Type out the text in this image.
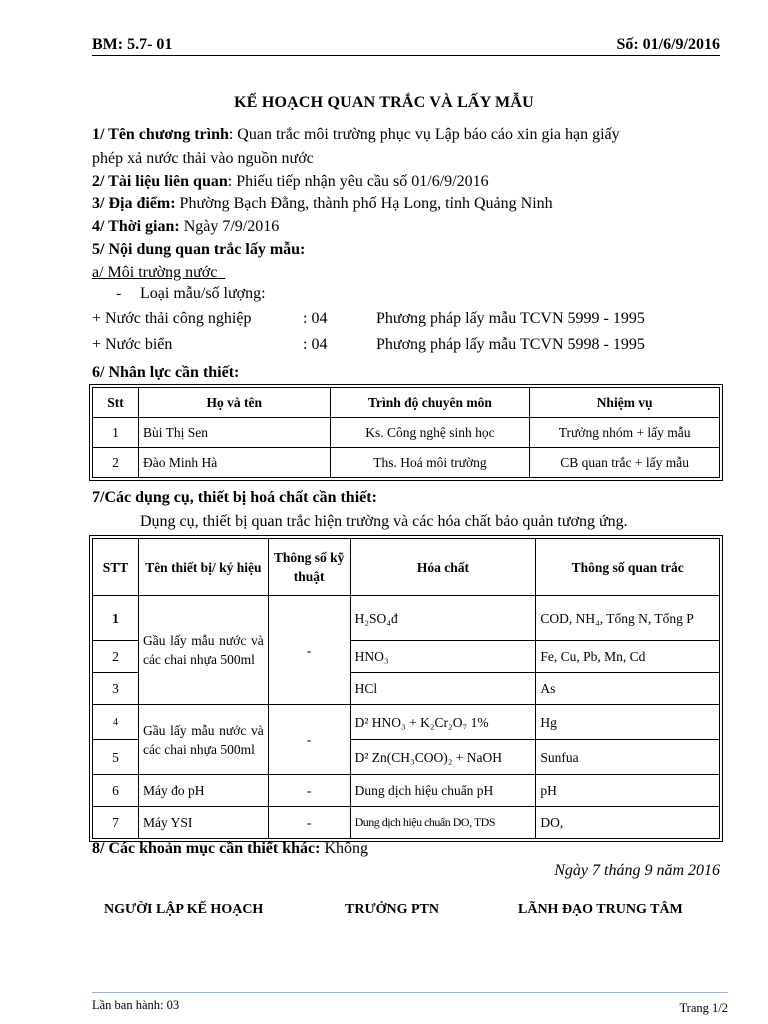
BM: 5.7- 01	Số: 01/6/9/2016
KẾ HOẠCH QUAN TRẮC VÀ LẤY MẪU
1/ Tên chương trình: Quan trắc môi trường phục vụ Lập báo cáo xin gia hạn giấy
phép xả nước thải vào nguồn nước
2/ Tài liệu liên quan: Phiếu tiếp nhận yêu cầu số 01/6/9/2016
3/ Địa điểm: Phường Bạch Đằng, thành phố Hạ Long, tỉnh Quảng Ninh
4/ Thời gian: Ngày 7/9/2016
5/ Nội dung quan trắc lấy mẫu:
a/ Môi trường nước
- Loại mẫu/số lượng:
+ Nước thải công nghiệp	: 04	Phương pháp lấy mẫu TCVN 5999 - 1995
+ Nước biển	: 04	Phương pháp lấy mẫu TCVN 5998 - 1995
6/ Nhân lực cần thiết:
Stt	Họ và tên	Trình độ chuyên môn	Nhiệm vụ
1	Bùi Thị Sen	Ks. Công nghệ sinh học	Trưởng nhóm + lấy mẫu
2	Đào Minh Hà	Ths. Hoá môi trường	CB quan trắc + lấy mẫu
7/Các dụng cụ, thiết bị hoá chất cần thiết:
Dụng cụ, thiết bị quan trắc hiện trường và các hóa chất bảo quản tương ứng.
STT	Tên thiết bị/ ký hiệu	Thông số kỹ thuật	Hóa chất	Thông số quan trắc
1	Gầu lấy mẫu nước và các chai nhựa 500ml	-	H₂SO₄đ	COD, NH₄, Tổng N, Tổng P
2			HNO₃	Fe, Cu, Pb, Mn, Cd
3			HCl	As
4	Gầu lấy mẫu nước và các chai nhựa 500ml	-	D² HNO₃ + K₂Cr₂O₇ 1%	Hg
5			D² Zn(CH₃COO)₂ + NaOH	Sunfua
6	Máy đo pH	-	Dung dịch hiệu chuẩn pH	pH
7	Máy YSI	-	Dung dịch hiệu chuẩn DO, TDS	DO,
8/ Các khoản mục cần thiết khác: Không
Ngày 7 tháng 9 năm 2016
NGƯỜI LẬP KẾ HOẠCH	TRƯỞNG PTN	LÃNH ĐẠO TRUNG TÂM
Lần ban hành: 03	Trang 1/2
